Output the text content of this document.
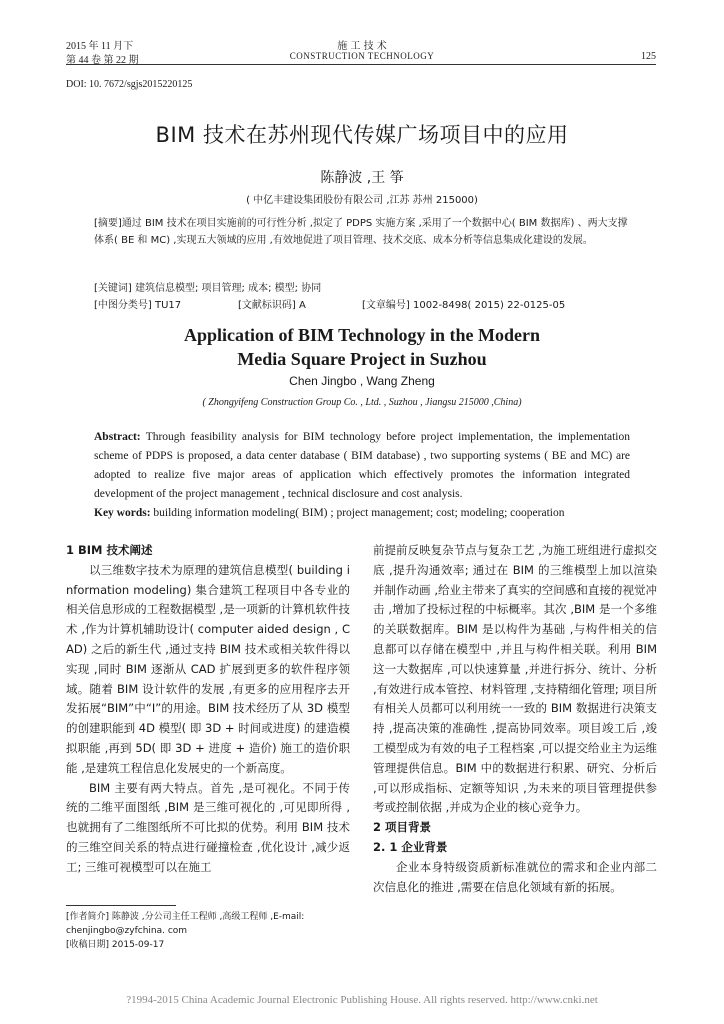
2015 年 11 月下
第 44 卷 第 22 期
施 工 技 术
CONSTRUCTION TECHNOLOGY	125
DOI: 10. 7672/sgjs2015220125
BIM 技术在苏州现代传媒广场项目中的应用
陈静波 ,王 筝
( 中亿丰建设集团股份有限公司 ,江苏 苏州 215000)
[摘要]通过 BIM 技术在项目实施前的可行性分析 ,拟定了 PDPS 实施方案 ,采用了一个数据中心( BIM 数据库) 、两大支撑体系( BE 和 MC) ,实现五大领域的应用 ,有效地促进了项目管理、技术交底、成本分析等信息集成化建设的发展。
[关键词] 建筑信息模型; 项目管理; 成本; 模型; 协同
[中图分类号] TU17	[文献标识码] A	[文章编号] 1002-8498( 2015) 22-0125-05
Application of BIM Technology in the Modern Media Square Project in Suzhou
Chen Jingbo , Wang Zheng
( Zhongyifeng Construction Group Co. , Ltd. , Suzhou , Jiangsu 215000 ,China)
Abstract: Through feasibility analysis for BIM technology before project implementation, the implementation scheme of PDPS is proposed, a data center database ( BIM database) , two supporting systems ( BE and MC) are adopted to realize five major areas of application which effectively promotes the information integrated development of the project management , technical disclosure and cost analysis.
Key words: building information modeling( BIM) ; project management; cost; modeling; cooperation

1 BIM 技术阐述

以三维数字技术为原理的建筑信息模型( building information modeling) 集合建筑工程项目中各专业的相关信息形成的工程数据模型 ,是一项新的计算机软件技术 ,作为计算机辅助设计( computer aided design , CAD) 之后的新生代 ,通过支持 BIM 技术或相关软件得以实现 ,同时 BIM 逐渐从 CAD 扩展到更多的软件程序领域。随着 BIM 设计软件的发展 ,有更多的应用程序去开发拓展“BIM”中“I”的用途。BIM 技术经历了从 3D 模型的创建职能到 4D 模型( 即 3D + 时间或进度) 的建造模拟职能 ,再到 5D( 即 3D + 进度 + 造价) 施工的造价职能 ,是建筑工程信息化发展史的一个新高度。

BIM 主要有两大特点。首先 ,是可视化。不同于传统的二维平面图纸 ,BIM 是三维可视化的 ,可见即所得 ,也就拥有了二维图纸所不可比拟的优势。利用 BIM 技术的三维空间关系的特点进行碰撞检查 ,优化设计 ,减少返工; 三维可视模型可以在施工

[作者简介] 陈静波 ,分公司主任工程师 ,高级工程师 ,E-mail: chenjingbo@zyfchina. com
[收稿日期] 2015-09-17

前提前反映复杂节点与复杂工艺 ,为施工班组进行虚拟交底 ,提升沟通效率; 通过在 BIM 的三维模型上加以渲染并制作动画 ,给业主带来了真实的空间感和直接的视觉冲击 ,增加了投标过程的中标概率。其次 ,BIM 是一个多维的关联数据库。BIM 是以构件为基础 ,与构件相关的信息都可以存储在模型中 ,并且与构件相关联。利用 BIM 这一大数据库 ,可以快速算量 ,并进行拆分、统计、分析 ,有效进行成本管控、材料管理 ,支持精细化管理; 项目所有相关人员都可以利用统一一致的 BIM 数据进行决策支持 ,提高决策的准确性 ,提高协同效率。项目竣工后 ,竣工模型成为有效的电子工程档案 ,可以提交给业主为运维管理提供信息。BIM 中的数据进行积累、研究、分析后 ,可以形成指标、定额等知识 ,为未来的项目管理提供参考或控制依据 ,并成为企业的核心竞争力。

2 项目背景

2. 1 企业背景

企业本身特级资质新标准就位的需求和企业内部二次信息化的推进 ,需要在信息化领域有新的拓展。

?1994-2015 China Academic Journal Electronic Publishing House. All rights reserved. http://www.cnki.net
